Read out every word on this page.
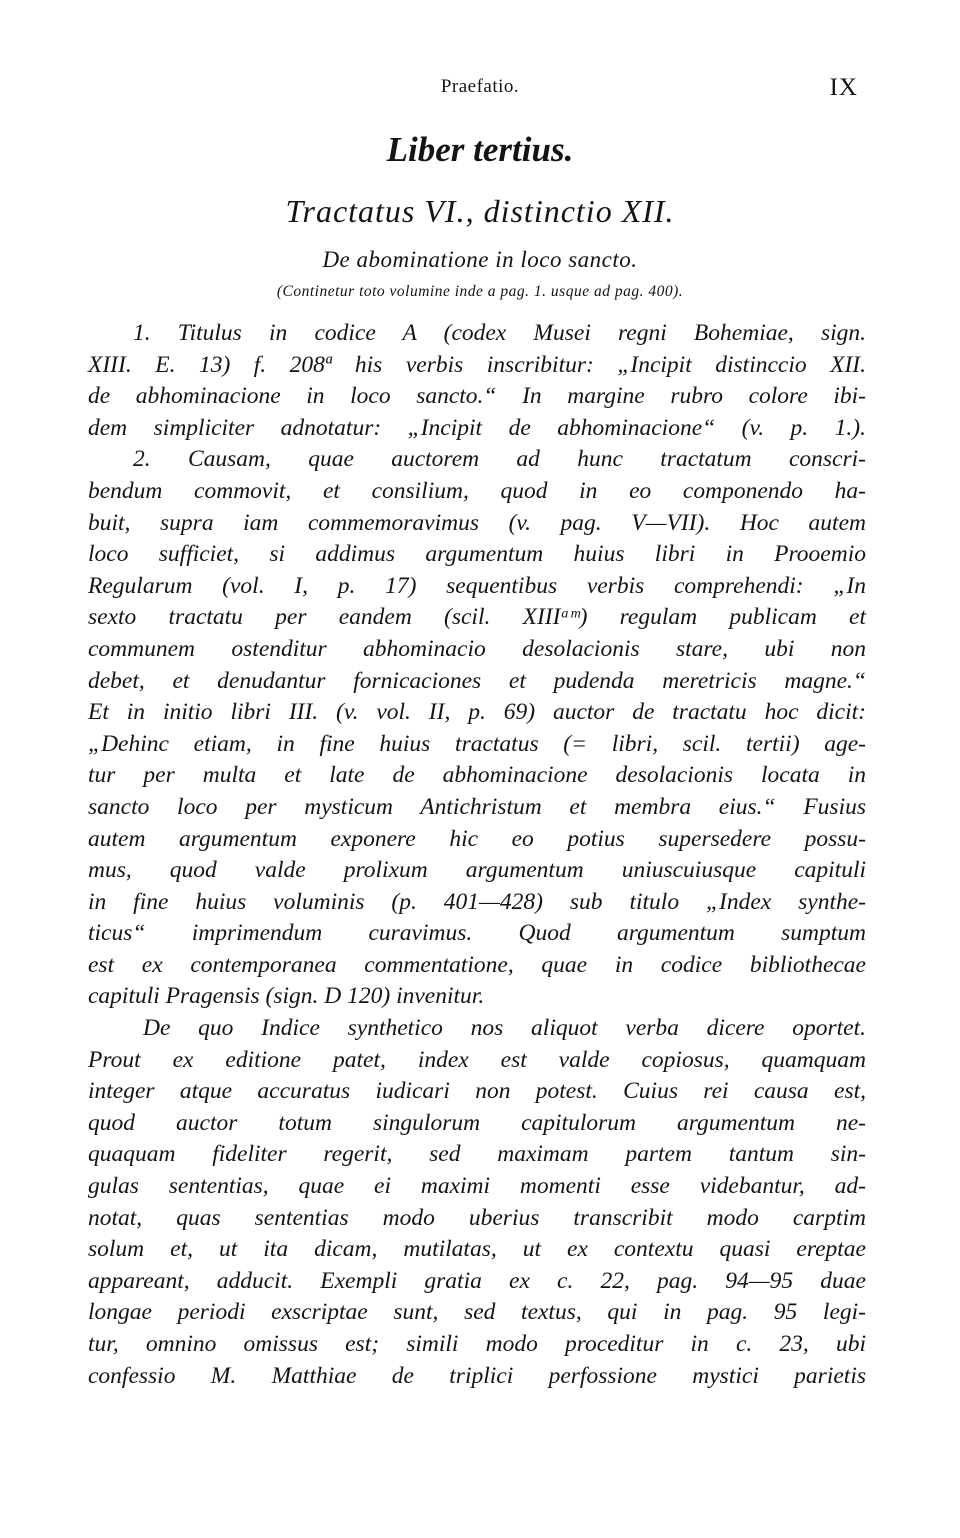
Praefatio.	IX
Liber tertius.
Tractatus VI., distinctio XII.
De abominatione in loco sancto.
(Continetur toto volumine inde a pag. 1. usque ad pag. 400).
1. Titulus in codice A (codex Musei regni Bohemiae, sign.
XIII. E. 13) f. 208ª his verbis inscribitur: „Incipit distinccio XII.
de abhominacione in loco sancto.“ In margine rubro colore ibi-
dem simpliciter adnotatur: „Incipit de abhominacione“ (v. p. 1.).
2. Causam, quae auctorem ad hunc tractatum conscri-
bendum commovit, et consilium, quod in eo componendo ha-
buit, supra iam commemoravimus (v. pag. V—VII). Hoc autem
loco sufficiet, si addimus argumentum huius libri in Prooemio
Regularum (vol. I, p. 17) sequentibus verbis comprehendi: „In
sexto tractatu per eandem (scil. XIIIᵃᵐ) regulam publicam et
communem ostenditur abhominacio desolacionis stare, ubi non
debet, et denudantur fornicaciones et pudenda meretricis magne.“
Et in initio libri III. (v. vol. II, p. 69) auctor de tractatu hoc dicit:
„Dehinc etiam, in fine huius tractatus (= libri, scil. tertii) age-
tur per multa et late de abhominacione desolacionis locata in
sancto loco per mysticum Antichristum et membra eius.“ Fusius
autem argumentum exponere hic eo potius supersedere possu-
mus, quod valde prolixum argumentum uniuscuiusque capituli
in fine huius voluminis (p. 401—428) sub titulo „Index synthe-
ticus“ imprimendum curavimus. Quod argumentum sumptum
est ex contemporanea commentatione, quae in codice bibliothecae
capituli Pragensis (sign. D 120) invenitur.
De quo Indice synthetico nos aliquot verba dicere oportet.
Prout ex editione patet, index est valde copiosus, quamquam
integer atque accuratus iudicari non potest. Cuius rei causa est,
quod auctor totum singulorum capitulorum argumentum ne-
quaquam fideliter regerit, sed maximam partem tantum sin-
gulas sententias, quae ei maximi momenti esse videbantur, ad-
notat, quas sententias modo uberius transcribit modo carptim
solum et, ut ita dicam, mutilatas, ut ex contextu quasi ereptae
appareant, adducit. Exempli gratia ex c. 22, pag. 94—95 duae
longae periodi exscriptae sunt, sed textus, qui in pag. 95 legi-
tur, omnino omissus est; simili modo proceditur in c. 23, ubi
confessio M. Matthiae de triplici perfossione mystici parietis
